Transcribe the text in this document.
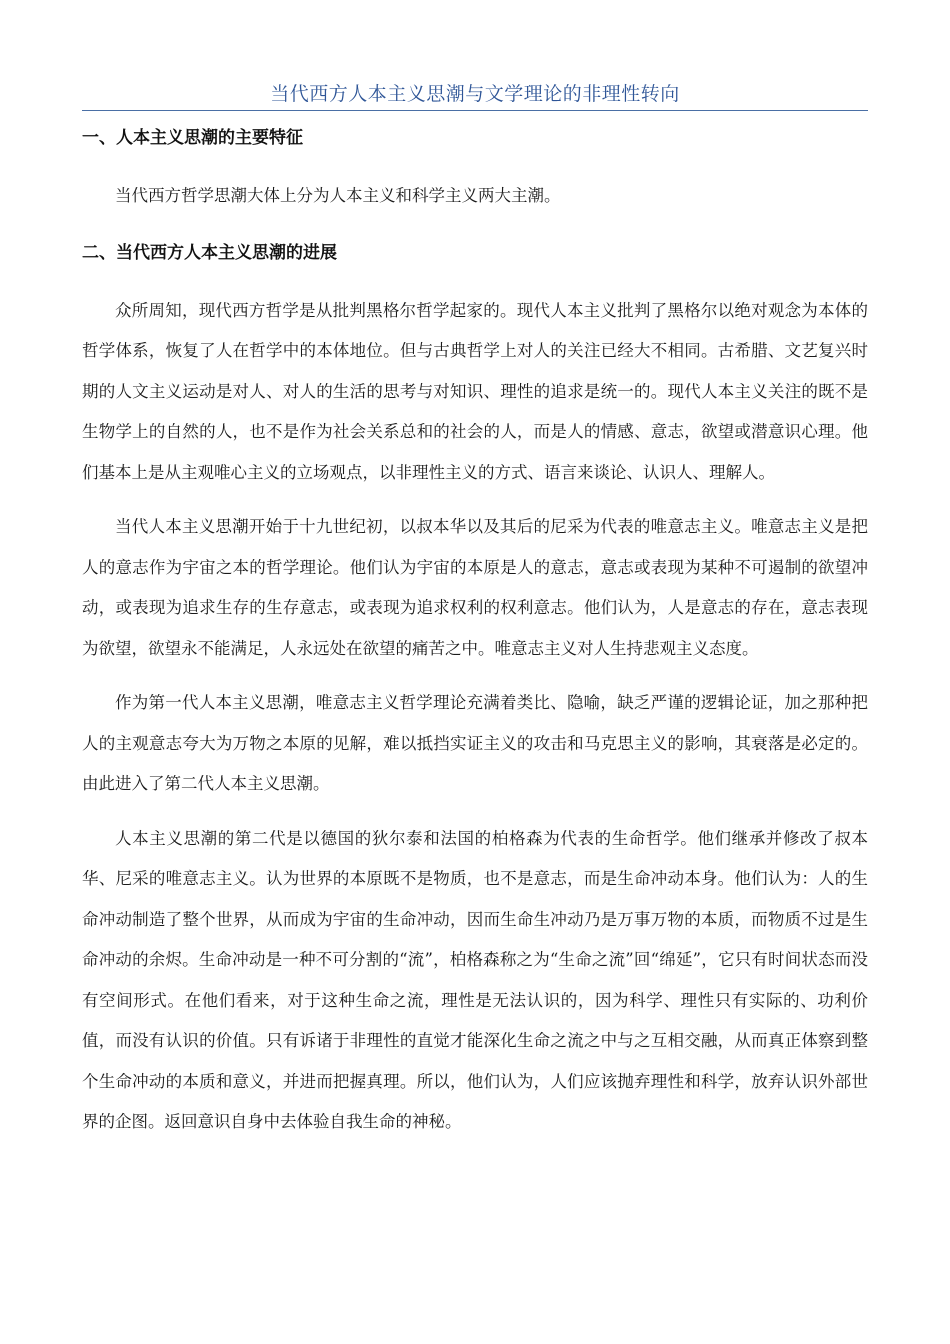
当代西方人本主义思潮与文学理论的非理性转向
一、人本主义思潮的主要特征

当代西方哲学思潮大体上分为人本主义和科学主义两大主潮。

二、当代西方人本主义思潮的进展

众所周知，现代西方哲学是从批判黑格尔哲学起家的。现代人本主义批判了黑格尔以绝对观念为本体的哲学体系，恢复了人在哲学中的本体地位。但与古典哲学上对人的关注已经大不相同。古希腊、文艺复兴时期的人文主义运动是对人、对人的生活的思考与对知识、理性的追求是统一的。现代人本主义关注的既不是生物学上的自然的人，也不是作为社会关系总和的社会的人，而是人的情感、意志，欲望或潜意识心理。他们基本上是从主观唯心主义的立场观点，以非理性主义的方式、语言来谈论、认识人、理解人。

当代人本主义思潮开始于十九世纪初，以叔本华以及其后的尼采为代表的唯意志主义。唯意志主义是把人的意志作为宇宙之本的哲学理论。他们认为宇宙的本原是人的意志，意志或表现为某种不可遏制的欲望冲动，或表现为追求生存的生存意志，或表现为追求权利的权利意志。他们认为，人是意志的存在，意志表现为欲望，欲望永不能满足，人永远处在欲望的痛苦之中。唯意志主义对人生持悲观主义态度。

作为第一代人本主义思潮，唯意志主义哲学理论充满着类比、隐喻，缺乏严谨的逻辑论证，加之那种把人的主观意志夸大为万物之本原的见解，难以抵挡实证主义的攻击和马克思主义的影响，其衰落是必定的。由此进入了第二代人本主义思潮。

人本主义思潮的第二代是以德国的狄尔泰和法国的柏格森为代表的生命哲学。他们继承并修改了叔本华、尼采的唯意志主义。认为世界的本原既不是物质，也不是意志，而是生命冲动本身。他们认为：人的生命冲动制造了整个世界，从而成为宇宙的生命冲动，因而生命生冲动乃是万事万物的本质，而物质不过是生命冲动的余烬。生命冲动是一种不可分割的“流”，柏格森称之为“生命之流”回“绵延”，它只有时间状态而没有空间形式。在他们看来，对于这种生命之流，理性是无法认识的，因为科学、理性只有实际的、功利价值，而没有认识的价值。只有诉诸于非理性的直觉才能深化生命之流之中与之互相交融，从而真正体察到整个生命冲动的本质和意义，并进而把握真理。所以，他们认为，人们应该抛弃理性和科学，放弃认识外部世界的企图。返回意识自身中去体验自我生命的神秘。
